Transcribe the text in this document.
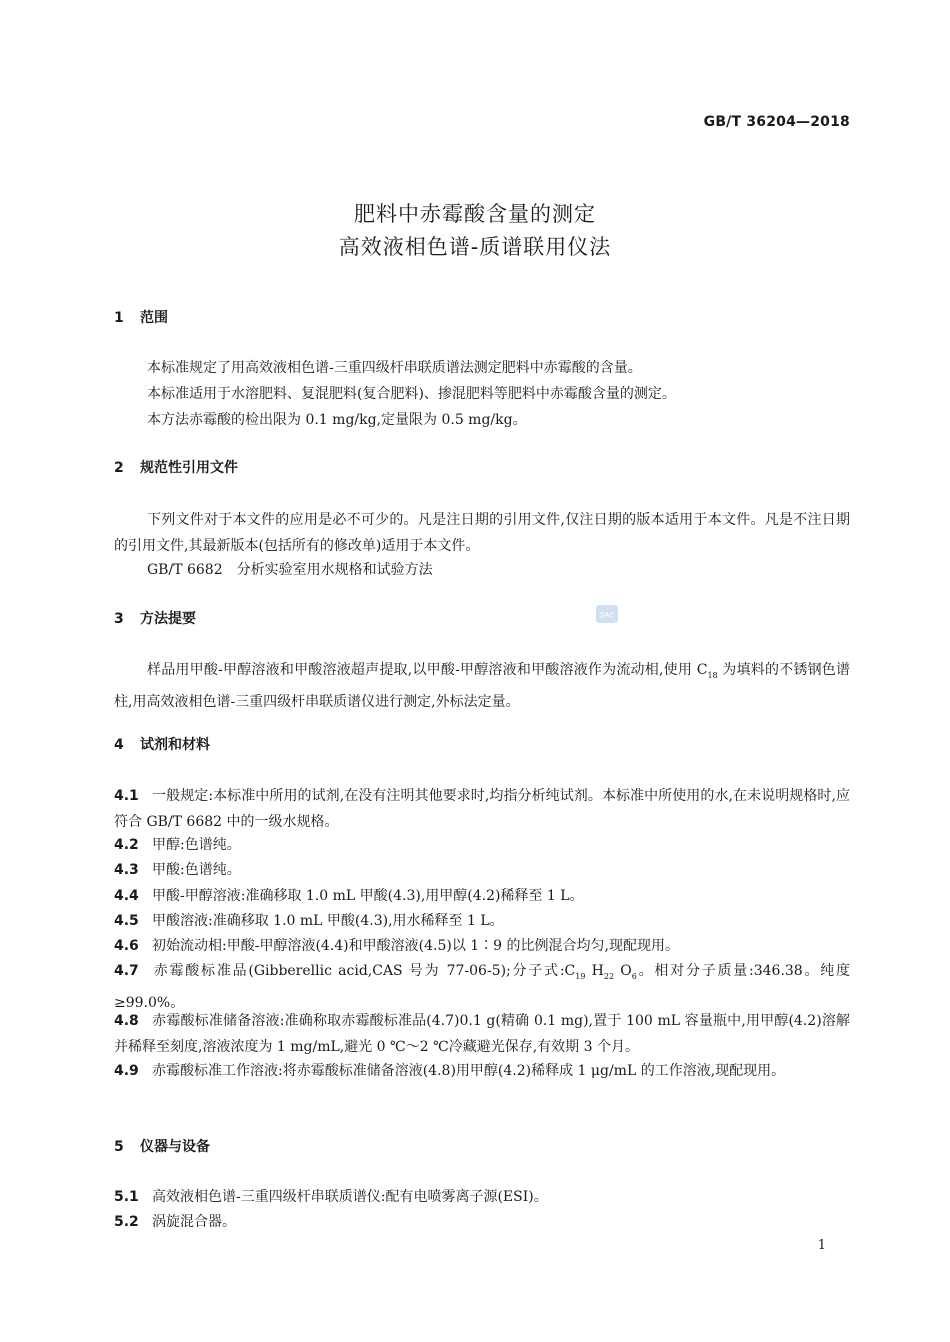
GB/T 36204—2018
肥料中赤霉酸含量的测定
高效液相色谱-质谱联用仪法
1 范围
本标准规定了用高效液相色谱-三重四级杆串联质谱法测定肥料中赤霉酸的含量。
本标准适用于水溶肥料、复混肥料(复合肥料)、掺混肥料等肥料中赤霉酸含量的测定。
本方法赤霉酸的检出限为 0.1 mg/kg,定量限为 0.5 mg/kg。
2 规范性引用文件
下列文件对于本文件的应用是必不可少的。凡是注日期的引用文件,仅注日期的版本适用于本文件。凡是不注日期的引用文件,其最新版本(包括所有的修改单)适用于本文件。
GB/T 6682　分析实验室用水规格和试验方法
3 方法提要	SAC
样品用甲酸-甲醇溶液和甲酸溶液超声提取,以甲酸-甲醇溶液和甲酸溶液作为流动相,使用 $C_{18}$ 为填料的不锈钢色谱柱,用高效液相色谱-三重四级杆串联质谱仪进行测定,外标法定量。
4 试剂和材料
4.1 一般规定:本标准中所用的试剂,在没有注明其他要求时,均指分析纯试剂。本标准中所使用的水,在未说明规格时,应符合 GB/T 6682 中的一级水规格。
4.2 甲醇:色谱纯。
4.3 甲酸:色谱纯。
4.4 甲酸-甲醇溶液:准确移取 1.0 mL 甲酸(4.3),用甲醇(4.2)稀释至 1 L。
4.5 甲酸溶液:准确移取 1.0 mL 甲酸(4.3),用水稀释至 1 L。
4.6 初始流动相:甲酸-甲醇溶液(4.4)和甲酸溶液(4.5)以 1∶9 的比例混合均匀,现配现用。
4.7 赤霉酸标准品(Gibberellic acid,CAS 号为 77-06-5);分子式$:C_{19}$ $H_{22}$ $O_6$。相对分子质量:346.38。纯度≥99.0%。
4.8 赤霉酸标准储备溶液:准确称取赤霉酸标准品(4.7)0.1 g(精确 0.1 mg),置于 100 mL 容量瓶中,用甲醇(4.2)溶解并稀释至刻度,溶液浓度为 1 mg/mL,避光 0 ℃～2 ℃冷藏避光保存,有效期 3 个月。
4.9 赤霉酸标准工作溶液:将赤霉酸标准储备溶液(4.8)用甲醇(4.2)稀释成 1 μg/mL 的工作溶液,现配现用。
5 仪器与设备
5.1 高效液相色谱-三重四级杆串联质谱仪:配有电喷雾离子源(ESI)。
5.2 涡旋混合器。
1
